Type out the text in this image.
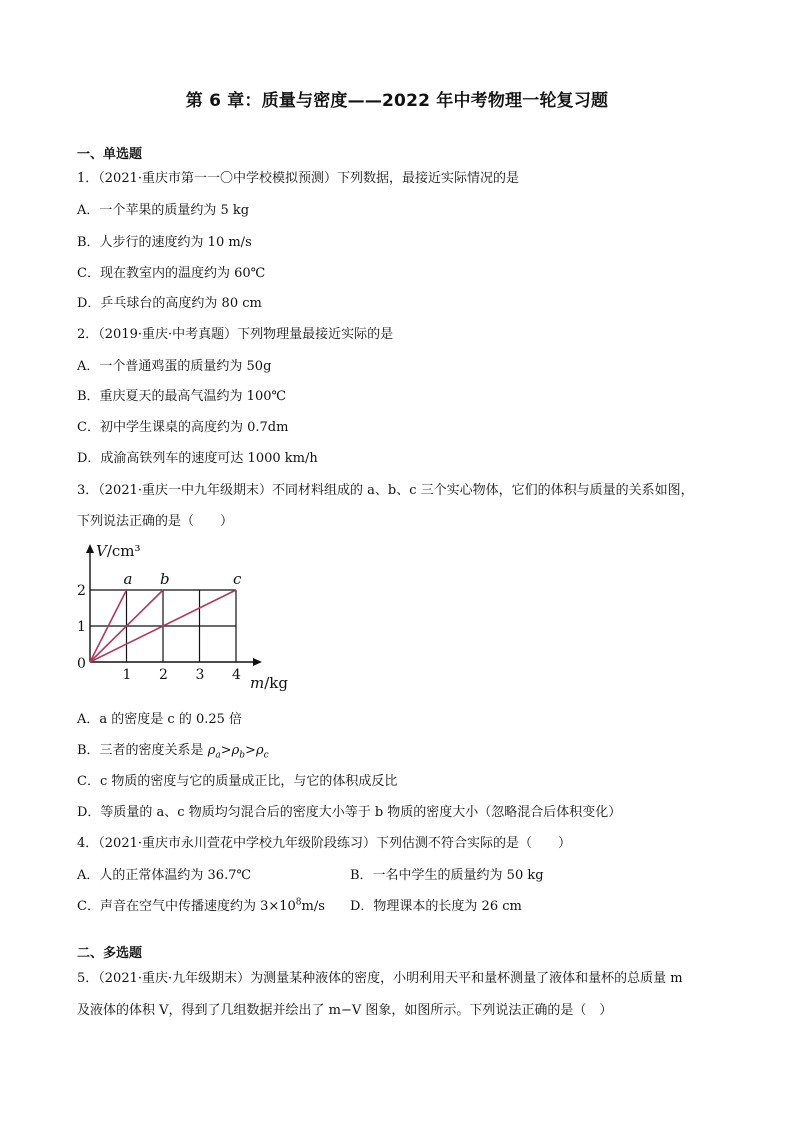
第 6 章：质量与密度——2022 年中考物理一轮复习题
一、单选题
1．（2021·重庆市第一一〇中学校模拟预测）下列数据，最接近实际情况的是
A．一个苹果的质量约为 5 kg
B．人步行的速度约为 10 m/s
C．现在教室内的温度约为 60℃
D．乒乓球台的高度约为 80 cm
2．（2019·重庆·中考真题）下列物理量最接近实际的是
A．一个普通鸡蛋的质量约为 50g
B．重庆夏天的最高气温约为 100℃
C．初中学生课桌的高度约为 0.7dm
D．成渝高铁列车的速度可达 1000 km/h
3．（2021·重庆一中九年级期末）不同材料组成的 a、b、c 三个实心物体，它们的体积与质量的关系如图，
下列说法正确的是（　　）
a b	c
1 2 3 4
1
2
0
V/cm³
m/kg
A．a 的密度是 c 的 0.25 倍
B．三者的密度关系是 $\rho_a>\rho_b>\rho_c$
C．c 物质的密度与它的质量成正比，与它的体积成反比
D．等质量的 a、c 物质均匀混合后的密度大小等于 b 物质的密度大小（忽略混合后体积变化）
4．（2021·重庆市永川萱花中学校九年级阶段练习）下列估测不符合实际的是（　　）
A．人的正常体温约为 36.7℃	B．一名中学生的质量约为 50 kg
C．声音在空气中传播速度约为 $3\times 10^8m/s$ D．物理课本的长度为 26 cm
二、多选题
5．（2021·重庆·九年级期末）为测量某种液体的密度，小明利用天平和量杯测量了液体和量杯的总质量 m
及液体的体积 V，得到了几组数据并绘出了 m−V 图象，如图所示。下列说法正确的是（　）
